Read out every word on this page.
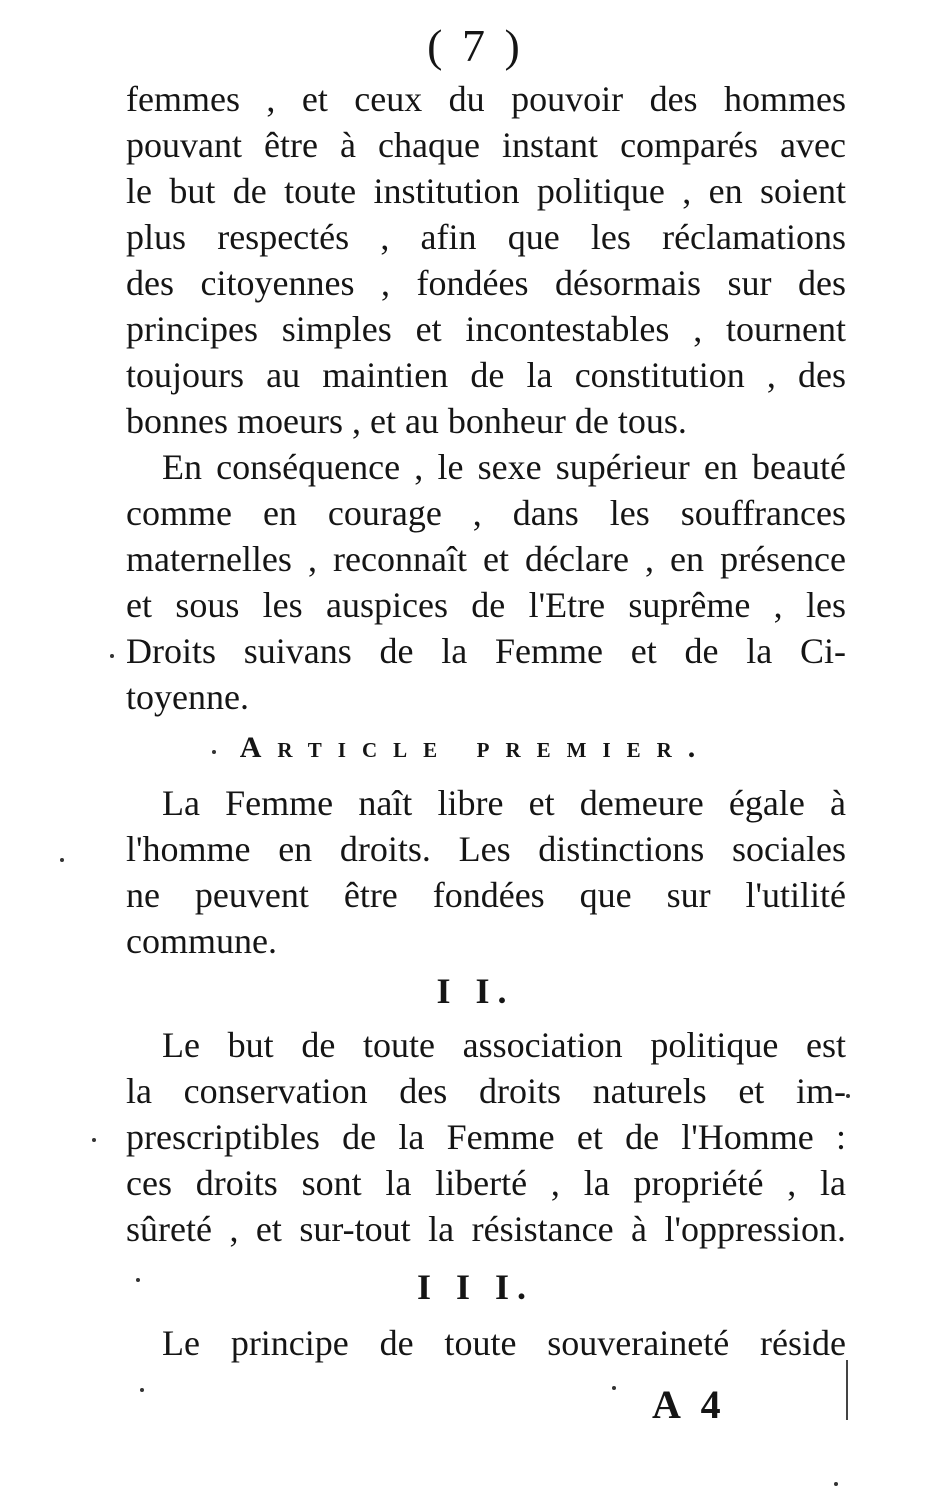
( 7 )
femmes , et ceux du pouvoir des hommes
pouvant être à chaque instant comparés avec
le but de toute institution politique , en soient
plus respectés , afin que les réclamations
des citoyennes , fondées désormais sur des
principes simples et incontestables , tournent
toujours au maintien de la constitution , des
bonnes moeurs , et au bonheur de tous.
En conséquence , le sexe supérieur en beauté
comme en courage , dans les souffrances
maternelles , reconnaît et déclare , en présence
et sous les auspices de l'Etre suprême , les
Droits suivans de la Femme et de la Ci-
toyenne.
Article premier.
La Femme naît libre et demeure égale à
l'homme en droits. Les distinctions sociales
ne peuvent être fondées que sur l'utilité
commune.
I I.
Le but de toute association politique est
la conservation des droits naturels et im-
prescriptibles de la Femme et de l'Homme :
ces droits sont la liberté , la propriété , la
sûreté , et sur-tout la résistance à l'oppression.
I I I.
Le principe de toute souveraineté réside
A 4
